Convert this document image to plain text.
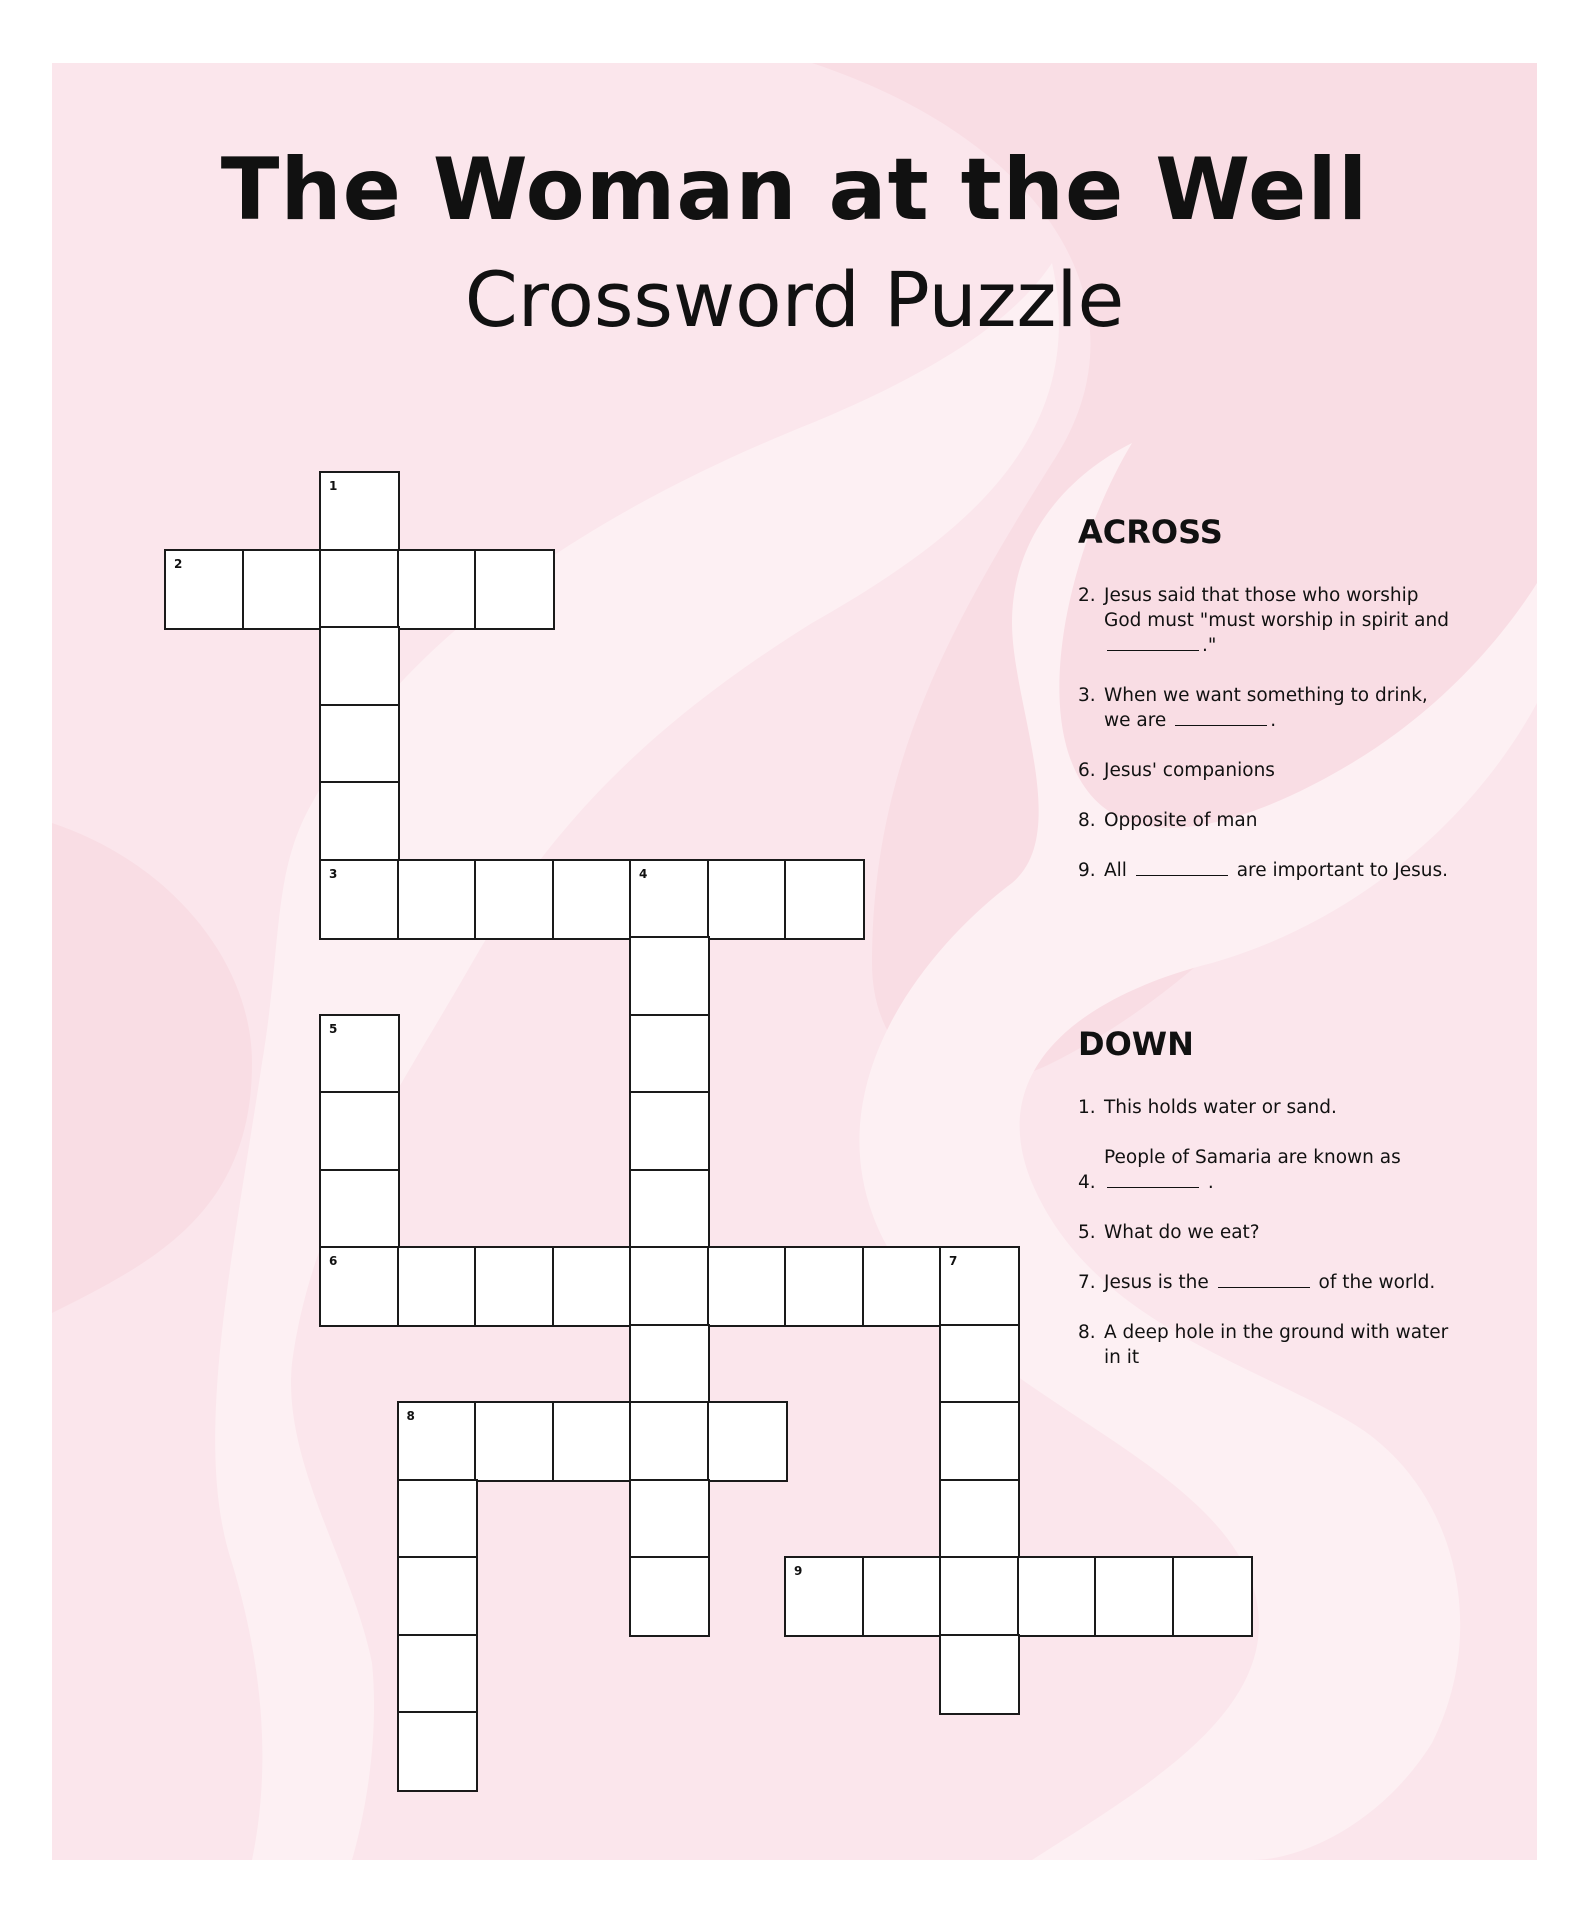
The Woman at the Well
Crossword Puzzle
1
2
3	4
5
6	7
8
9
ACROSS
2. Jesus said that those who worship God must "must worship in spirit and ."
3. When we want something to drink, we are	.
6. Jesus' companions
8. Opposite of man
9. All	are important to Jesus.
DOWN
1. This holds water or sand.
4.
People of Samaria are known as  .
5. What do we eat?
7. Jesus is the	of the world.
8. A deep hole in the ground with water in it
